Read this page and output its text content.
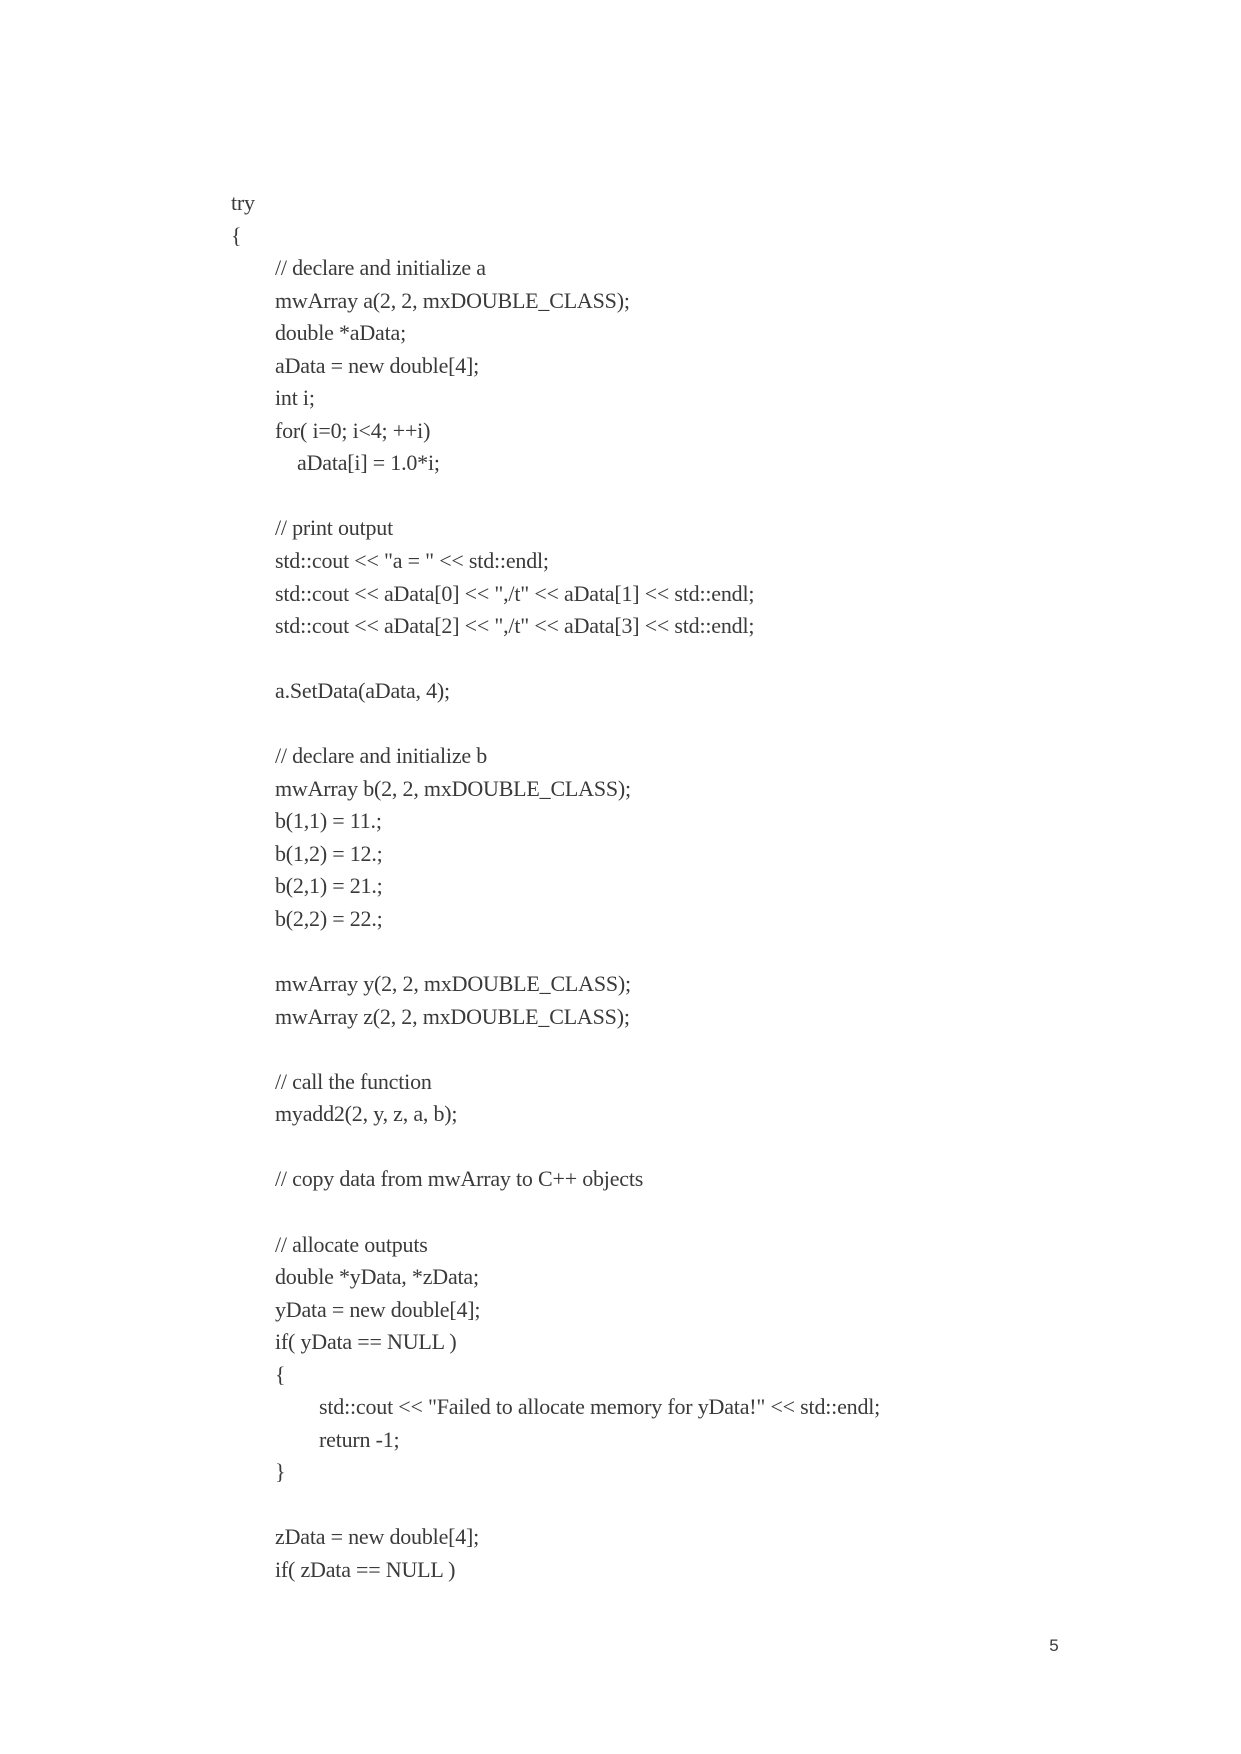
try
{
// declare and initialize a
mwArray a(2, 2, mxDOUBLE_CLASS);
double *aData;
aData = new double[4];
int i;
for( i=0; i<4; ++i)
aData[i] = 1.0*i;
// print output
std::cout << "a = " << std::endl;
std::cout << aData[0] << ",/t" << aData[1] << std::endl;
std::cout << aData[2] << ",/t" << aData[3] << std::endl;
a.SetData(aData, 4);
// declare and initialize b
mwArray b(2, 2, mxDOUBLE_CLASS);
b(1,1) = 11.;
b(1,2) = 12.;
b(2,1) = 21.;
b(2,2) = 22.;
mwArray y(2, 2, mxDOUBLE_CLASS);
mwArray z(2, 2, mxDOUBLE_CLASS);
// call the function
myadd2(2, y, z, a, b);
// copy data from mwArray to C++ objects
// allocate outputs
double *yData, *zData;
yData = new double[4];
if( yData == NULL )
{
std::cout << "Failed to allocate memory for yData!" << std::endl;
return -1;
}
zData = new double[4];
if( zData == NULL )
5
